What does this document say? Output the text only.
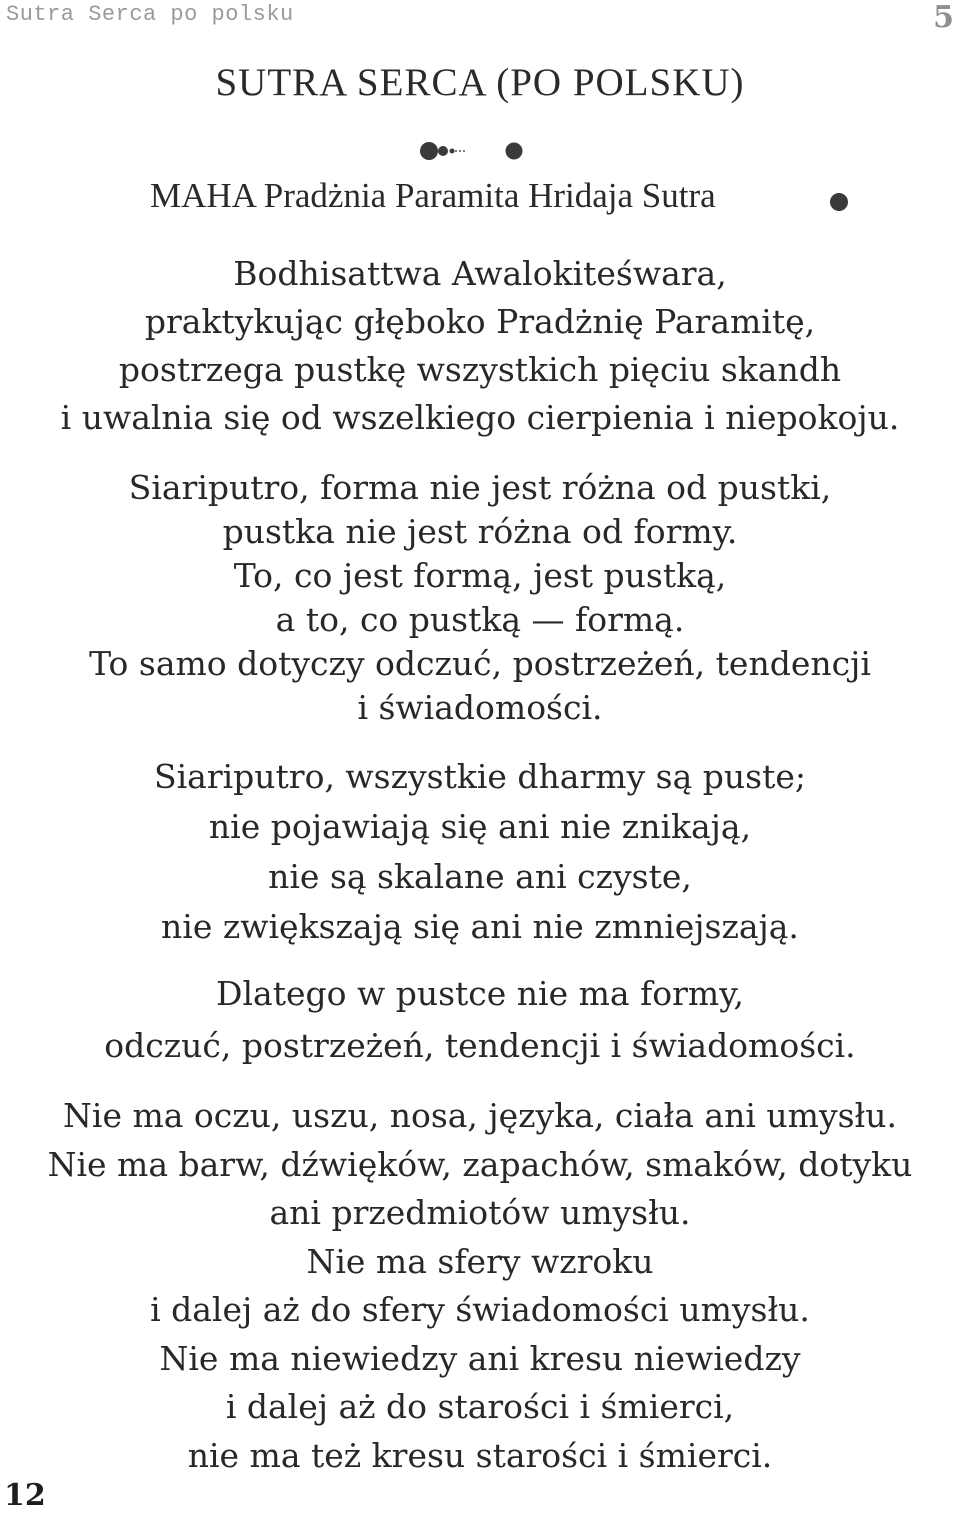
Sutra Serca po polsku	5
SUTRA SERCA (PO POLSKU)
MAHA Pradżnia Paramita Hridaja Sutra

Bodhisattwa Awalokiteśwara,
praktykując głęboko Pradżnię Paramitę,
postrzega pustkę wszystkich pięciu skandh
i uwalnia się od wszelkiego cierpienia i niepokoju.

Siariputro, forma nie jest różna od pustki,
pustka nie jest różna od formy.
To, co jest formą, jest pustką,
a to, co pustką — formą.
To samo dotyczy odczuć, postrzeżeń, tendencji
i świadomości.

Siariputro, wszystkie dharmy są puste;
nie pojawiają się ani nie znikają,
nie są skalane ani czyste,
nie zwiększają się ani nie zmniejszają.

Dlatego w pustce nie ma formy,
odczuć, postrzeżeń, tendencji i świadomości.

Nie ma oczu, uszu, nosa, języka, ciała ani umysłu.
Nie ma barw, dźwięków, zapachów, smaków, dotyku
ani przedmiotów umysłu.
Nie ma sfery wzroku
i dalej aż do sfery świadomości umysłu.
Nie ma niewiedzy ani kresu niewiedzy
i dalej aż do starości i śmierci,
nie ma też kresu starości i śmierci.

12
